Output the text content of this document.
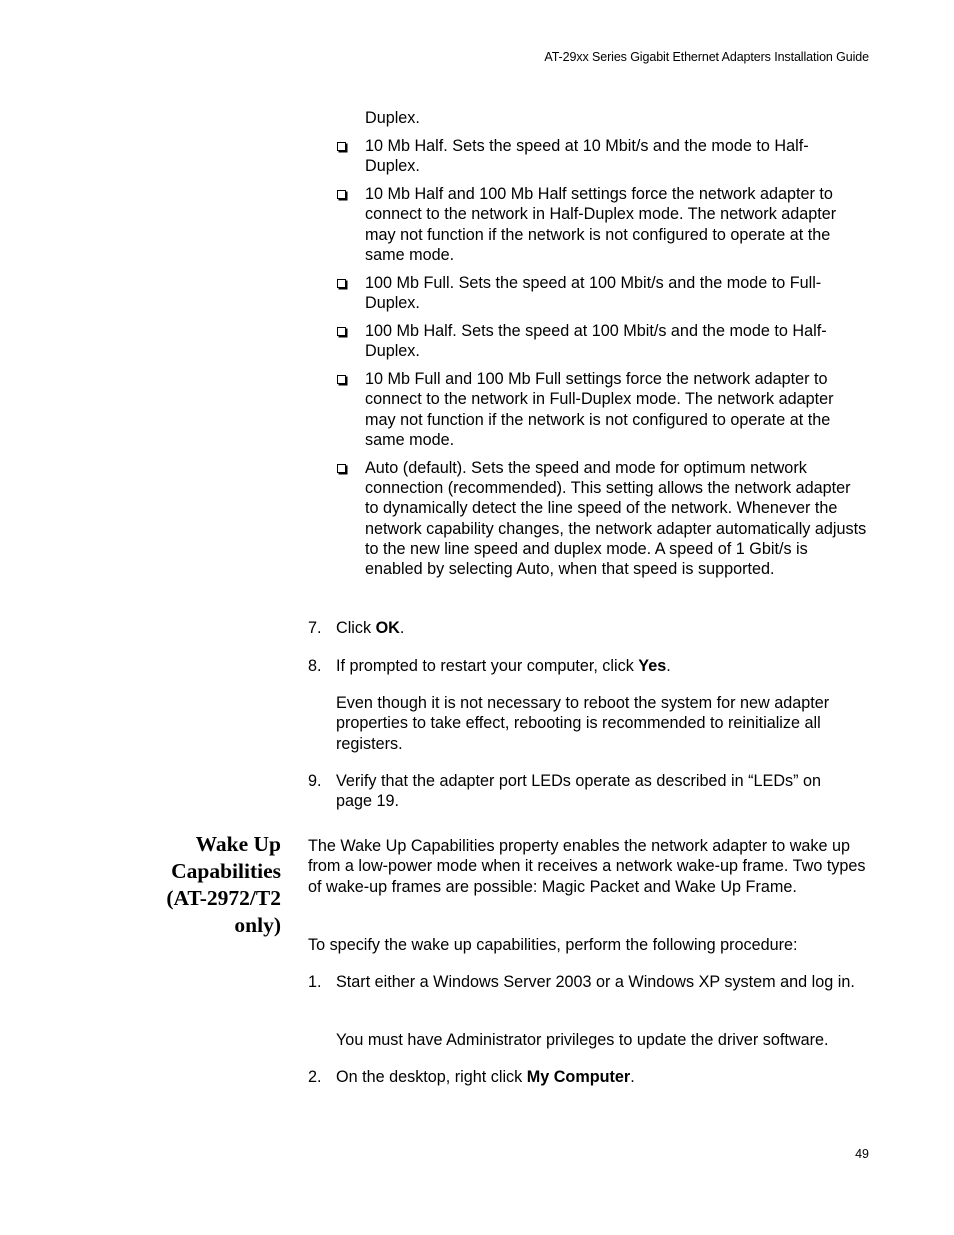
AT-29xx Series Gigabit Ethernet Adapters Installation Guide
Duplex.
10 Mb Half. Sets the speed at 10 Mbit/s and the mode to Half-Duplex.
10 Mb Half and 100 Mb Half settings force the network adapter to connect to the network in Half-Duplex mode. The network adapter may not function if the network is not configured to operate at the same mode.
100 Mb Full. Sets the speed at 100 Mbit/s and the mode to Full-Duplex.
100 Mb Half. Sets the speed at 100 Mbit/s and the mode to Half-Duplex.
10 Mb Full and 100 Mb Full settings force the network adapter to connect to the network in Full-Duplex mode. The network adapter may not function if the network is not configured to operate at the same mode.
Auto (default). Sets the speed and mode for optimum network connection (recommended). This setting allows the network adapter to dynamically detect the line speed of the network. Whenever the network capability changes, the network adapter automatically adjusts to the new line speed and duplex mode. A speed of 1 Gbit/s is enabled by selecting Auto, when that speed is supported.
7. Click OK.
8. If prompted to restart your computer, click Yes.
Even though it is not necessary to reboot the system for new adapter properties to take effect, rebooting is recommended to reinitialize all registers.
9. Verify that the adapter port LEDs operate as described in “LEDs” on page 19.
Wake Up Capabilities (AT-2972/T2 only)
The Wake Up Capabilities property enables the network adapter to wake up from a low-power mode when it receives a network wake-up frame. Two types of wake-up frames are possible: Magic Packet and Wake Up Frame.
To specify the wake up capabilities, perform the following procedure:
1. Start either a Windows Server 2003 or a Windows XP system and log in.
You must have Administrator privileges to update the driver software.
2. On the desktop, right click My Computer.
49
